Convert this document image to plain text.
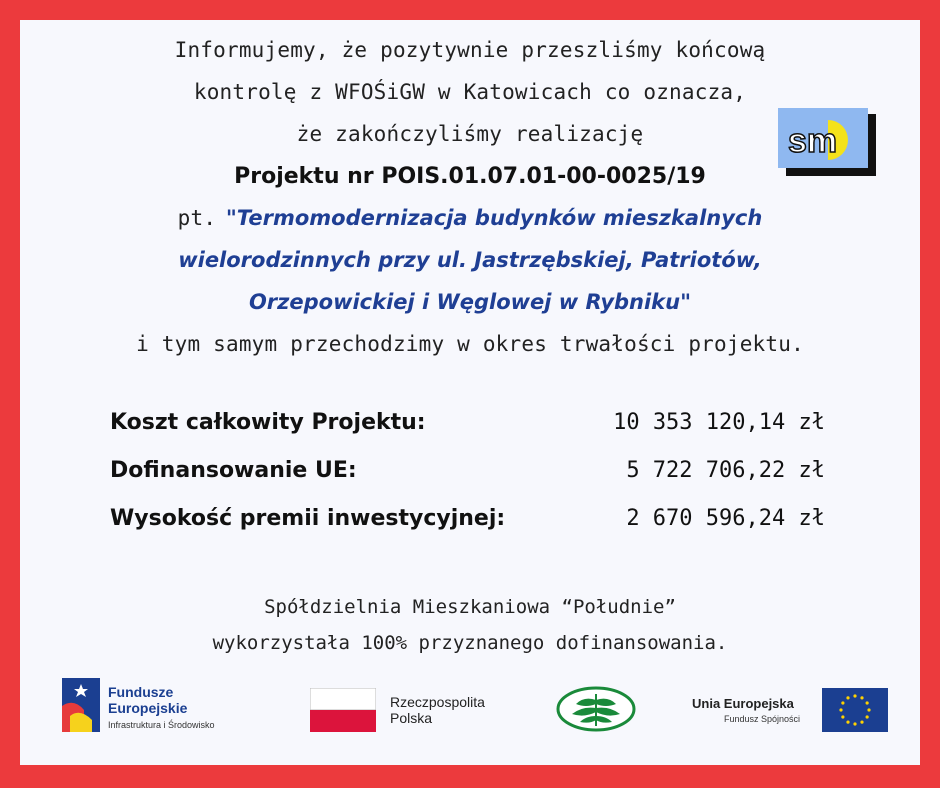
Informujemy, że pozytywnie przeszliśmy końcową
kontrolę z WFOŚiGW w Katowicach co oznacza,
że zakończyliśmy realizację
Projektu nr POIS.01.07.01-00-0025/19
pt. "Termomodernizacja budynków mieszkalnych
wielorodzinnych przy ul. Jastrzębskiej, Patriotów,
Orzepowickiej i Węglowej w Rybniku"
i tym samym przechodzimy w okres trwałości projektu.
sm
Koszt całkowity Projektu:	10 353 120,14 zł
Dofinansowanie UE:	5 722 706,22 zł
Wysokość premii inwestycyjnej:	2 670 596,24 zł
Spółdzielnia Mieszkaniowa “Południe”
wykorzystała 100% przyznanego dofinansowania.
Fundusze
Europejskie
Infrastruktura i Środowisko
Rzeczpospolita
Polska
Unia Europejska
Fundusz Spójności
